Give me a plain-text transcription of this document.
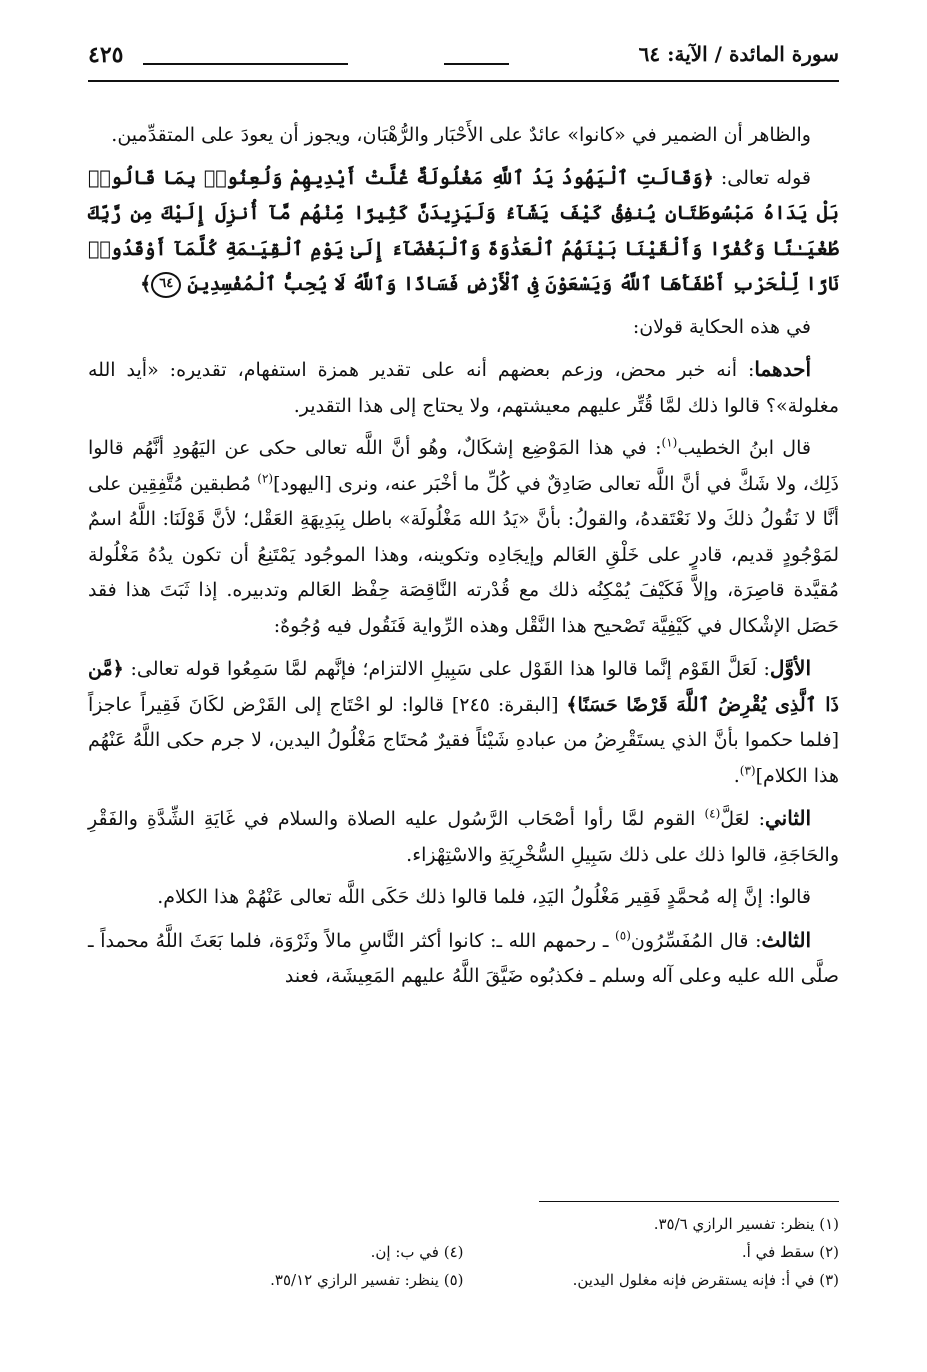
سورة المائدة / الآية: ٦٤
٤٢٥

والظاهر أن الضمير في «كانوا» عائدٌ على الأَحْبَار والرُّهْبَان، ويجوز أن يعودَ على المتقدِّمين.

قوله تعالى: ﴿وَقَالَتِ ٱلْيَهُودُ يَدُ ٱللَّهِ مَغْلُولَةٌ غُلَّتْ أَيْدِيهِمْ وَلُعِنُوا۟ بِمَا قَالُوا۟ بَلْ يَدَاهُ مَبْسُوطَتَانِ يُنفِقُ كَيْفَ يَشَآءُ وَلَيَزِيدَنَّ كَثِيرًا مِّنْهُم مَّآ أُنزِلَ إِلَيْكَ مِن رَّبِّكَ طُغْيَـٰنًا وَكُفْرًا وَأَلْقَيْنَا بَيْنَهُمُ ٱلْعَدَٰوَةَ وَٱلْبَغْضَآءَ إِلَىٰ يَوْمِ ٱلْقِيَـٰمَةِ كُلَّمَآ أَوْقَدُوا۟ نَارًا لِّلْحَرْبِ أَطْفَأَهَا ٱللَّهُ وَيَسْعَوْنَ فِى ٱلْأَرْضِ فَسَادًا وَٱللَّهُ لَا يُحِبُّ ٱلْمُفْسِدِينَ ٦٤﴾

في هذه الحكاية قولان:

أحدهما: أنه خبر محض، وزعم بعضهم أنه على تقدير همزة استفهام، تقديره: «أيد الله مغلولة»؟ قالوا ذلك لمَّا قُتِّر عليهم معيشتهم، ولا يحتاج إلى هذا التقدير.

قال ابنُ الخطيب$^{(١)}$: في هذا المَوْضِع إشكَالٌ، وهُو أنَّ اللَّه تعالى حكى عن اليَهُودِ أنَّهُم قالوا ذَلِك، ولا شَكَّ في أنَّ اللَّه تعالى صَادِقٌ في كُلِّ ما أخْبَر عنه، ونرى [اليهود]$^{(٢)}$ مُطبقين مُتَّفِقِين على أنَّا لا نَقُولُ ذلكَ ولا نَعْتَقدهُ، والقولُ: بأنَّ «يَدُ الله مَغْلُولَة» باطل بِبَدِيهَةِ العَقْل؛ لأنَّ قَوْلَنَا: اللَّهُ اسمٌ لمَوْجُودٍ قديم، قادرٍ على خَلْقِ العَالم وإيجَادِه وتكوينه، وهذا الموجُود يَمْتَنِعُ أن تكون يدُهُ مَغْلُولة مُقيَّدة قاصِرَة، وإلاَّ فَكَيْفَ يُمْكِنُه ذلك مع قُدْرته النَّاقِصَة حِفْظ العَالم وتدبيره. إذا ثَبَتَ هذا فقد حَصَل الإشْكال في كَيْفِيَّة تَصْحيح هذا النَّقْل وهذه الرِّواية فَنَقُول فيه وُجُوهٌ:

الأوَّل: لَعَلَّ القَوْم إنَّما قالوا هذا القَوْل على سَبِيلِ الالتزام؛ فإنَّهم لمَّا سَمِعُوا قوله تعالى: ﴿مَّن ذَا ٱلَّذِى يُقْرِضُ ٱللَّهَ قَرْضًا حَسَنًا﴾ [البقرة: ٢٤٥] قالوا: لو احْتَاج إلى القَرْض لكَانَ فَقِيراً عاجزاً [فلما حكموا بأنَّ الذي يستَقْرِضُ من عبادهِ شَيْئاً فقيرٌ مُحتَاج مَغْلُولُ اليدين، لا جرم حكى اللَّهُ عَنْهُم هذا الكلام]$^{(٣)}$.

الثاني: لعَلَّ$^{(٤)}$ القوم لمَّا رأوا أصْحَاب الرَّسُول عليه الصلاة والسلام في غَايَةِ الشِّدَّةِ والفَقْرِ والحَاجَةِ، قالوا ذلك على ذلك سَبِيلِ السُّخْرِيَةِ والاسْتِهْزاء.

قالوا: إنَّ إله مُحمَّدٍ فَقِير مَغْلُولُ اليَدِ، فلما قالوا ذلك حَكَى اللَّه تعالى عَنْهُمْ هذا الكلام.

الثالث: قال المُفَسِّرُون$^{(٥)}$ ـ رحمهم الله ـ: كانوا أكثر النَّاسِ مالاً وثَرْوَة، فلما بَعَثَ اللَّهُ محمداً ـ صلَّى الله عليه وعلى آله وسلم ـ فكذبُوه ضَيَّقَ اللَّهُ عليهم المَعِيشَة، فعند

(١) ينظر: تفسير الرازي ٣٥/٦.
(٢) سقط في أ.
(٤) في ب: إن.
(٣) في أ: فإنه يستقرض فإنه مغلول اليدين.
(٥) ينظر: تفسير الرازي ٣٥/١٢.
